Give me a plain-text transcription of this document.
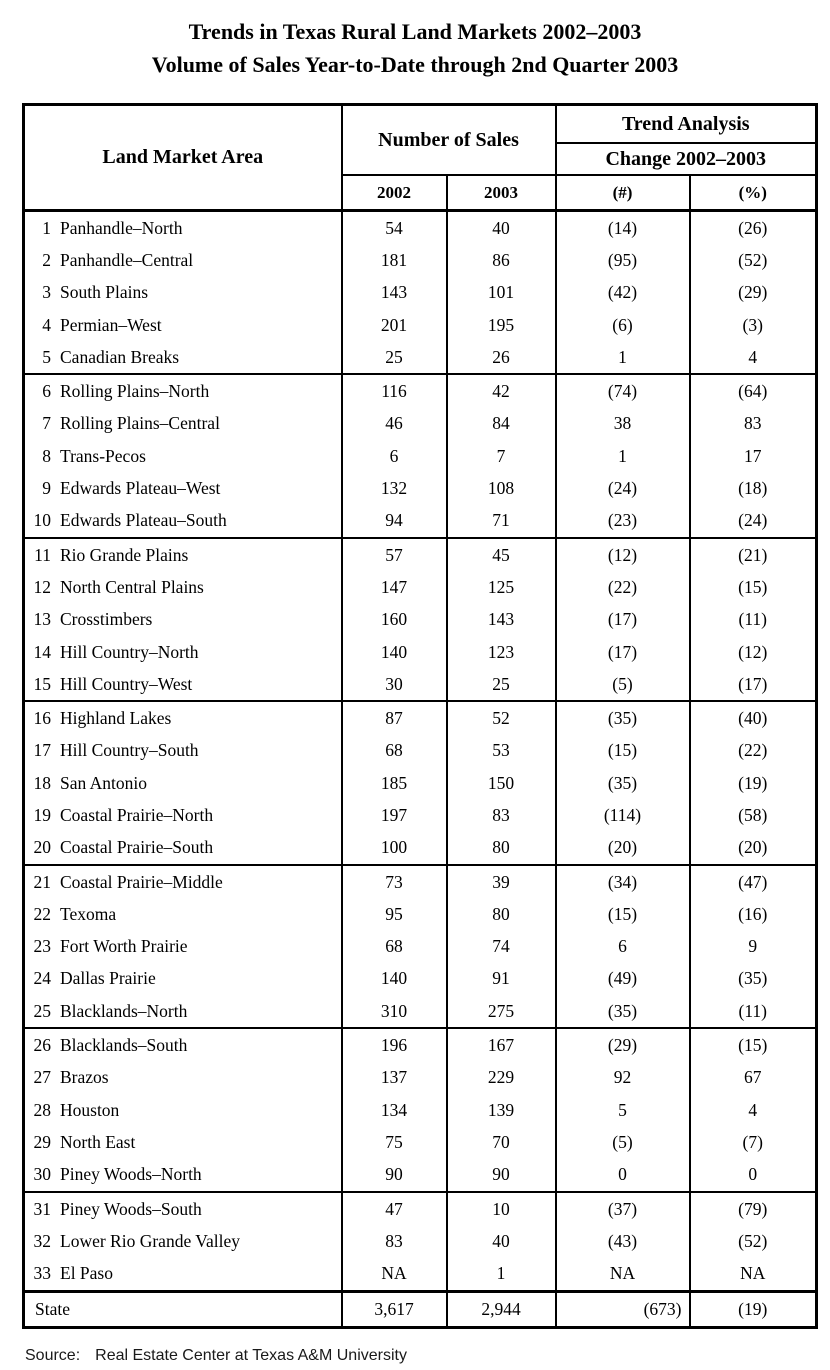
Trends in Texas Rural Land Markets 2002–2003
Volume of Sales Year-to-Date through 2nd Quarter 2003
Land Market Area	Number of Sales		Trend Analysis	
			Change 2002–2003	
	2002	2003	(#)	(%)
1 Panhandle–North	54	40	(14)	(26)
2 Panhandle–Central	181	86	(95)	(52)
3 South Plains	143	101	(42)	(29)
4 Permian–West	201	195	(6)	(3)
5 Canadian Breaks	25	26	1	4
6 Rolling Plains–North	116	42	(74)	(64)
7 Rolling Plains–Central	46	84	38	83
8 Trans-Pecos	6	7	1	17
9 Edwards Plateau–West	132	108	(24)	(18)
10 Edwards Plateau–South	94	71	(23)	(24)
11 Rio Grande Plains	57	45	(12)	(21)
12 North Central Plains	147	125	(22)	(15)
13 Crosstimbers	160	143	(17)	(11)
14 Hill Country–North	140	123	(17)	(12)
15 Hill Country–West	30	25	(5)	(17)
16 Highland Lakes	87	52	(35)	(40)
17 Hill Country–South	68	53	(15)	(22)
18 San Antonio	185	150	(35)	(19)
19 Coastal Prairie–North	197	83	(114)	(58)
20 Coastal Prairie–South	100	80	(20)	(20)
21 Coastal Prairie–Middle	73	39	(34)	(47)
22 Texoma	95	80	(15)	(16)
23 Fort Worth Prairie	68	74	6	9
24 Dallas Prairie	140	91	(49)	(35)
25 Blacklands–North	310	275	(35)	(11)
26 Blacklands–South	196	167	(29)	(15)
27 Brazos	137	229	92	67
28 Houston	134	139	5	4
29 North East	75	70	(5)	(7)
30 Piney Woods–North	90	90	0	0
31 Piney Woods–South	47	10	(37)	(79)
32 Lower Rio Grande Valley	83	40	(43)	(52)
33 El Paso	NA	1	NA	NA
State	3,617	2,944	(673)	(19)
Source: Real Estate Center at Texas A&M University
